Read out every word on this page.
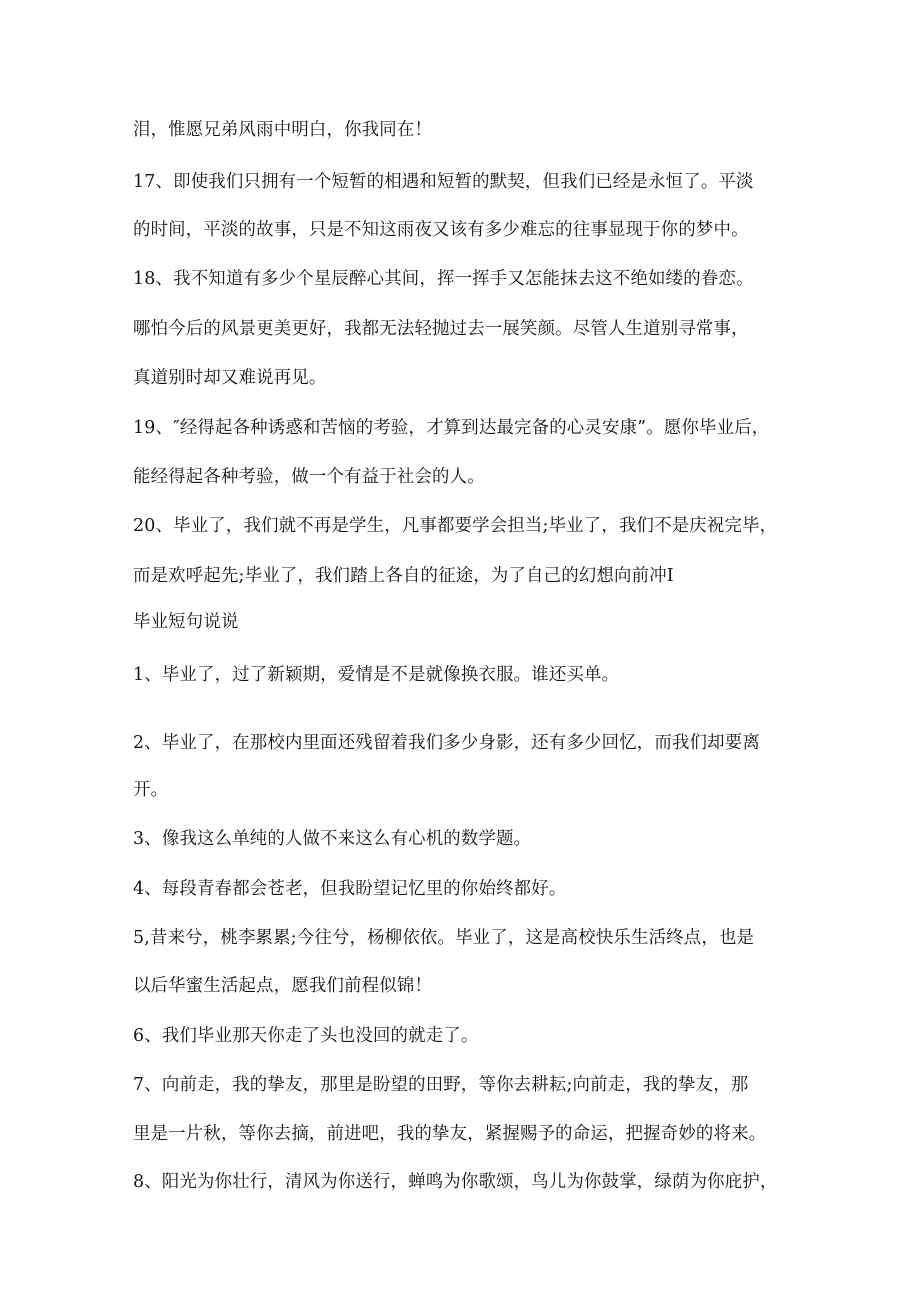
泪，惟愿兄弟风雨中明白，你我同在！

17、即使我们只拥有一个短暂的相遇和短暂的默契，但我们已经是永恒了。平淡

的时间，平淡的故事，只是不知这雨夜又该有多少难忘的往事显现于你的梦中。

18、我不知道有多少个星辰醉心其间，挥一挥手又怎能抹去这不绝如缕的眷恋。

哪怕今后的风景更美更好，我都无法轻抛过去一展笑颜。尽管人生道别寻常事，

真道别时却又难说再见。

19、″经得起各种诱惑和苦恼的考验，才算到达最完备的心灵安康”。愿你毕业后，

能经得起各种考验，做一个有益于社会的人。

20、毕业了，我们就不再是学生，凡事都要学会担当;毕业了，我们不是庆祝完毕，

而是欢呼起先;毕业了，我们踏上各自的征途，为了自己的幻想向前冲I

毕业短句说说

1、毕业了，过了新颖期，爱情是不是就像换衣服。谁还买单。

2、毕业了，在那校内里面还残留着我们多少身影，还有多少回忆，而我们却要离

开。

3、像我这么单纯的人做不来这么有心机的数学题。

4、每段青春都会苍老，但我盼望记忆里的你始终都好。

5,昔来兮，桃李累累;今往兮，杨柳依依。毕业了，这是高校快乐生活终点，也是

以后华蜜生活起点，愿我们前程似锦！

6、我们毕业那天你走了头也没回的就走了。

7、向前走，我的挚友，那里是盼望的田野，等你去耕耘;向前走，我的挚友，那

里是一片秋，等你去摘，前进吧，我的挚友，紧握赐予的命运，把握奇妙的将来。

8、阳光为你壮行，清风为你送行，蝉鸣为你歌颂，鸟儿为你鼓掌，绿荫为你庇护，
